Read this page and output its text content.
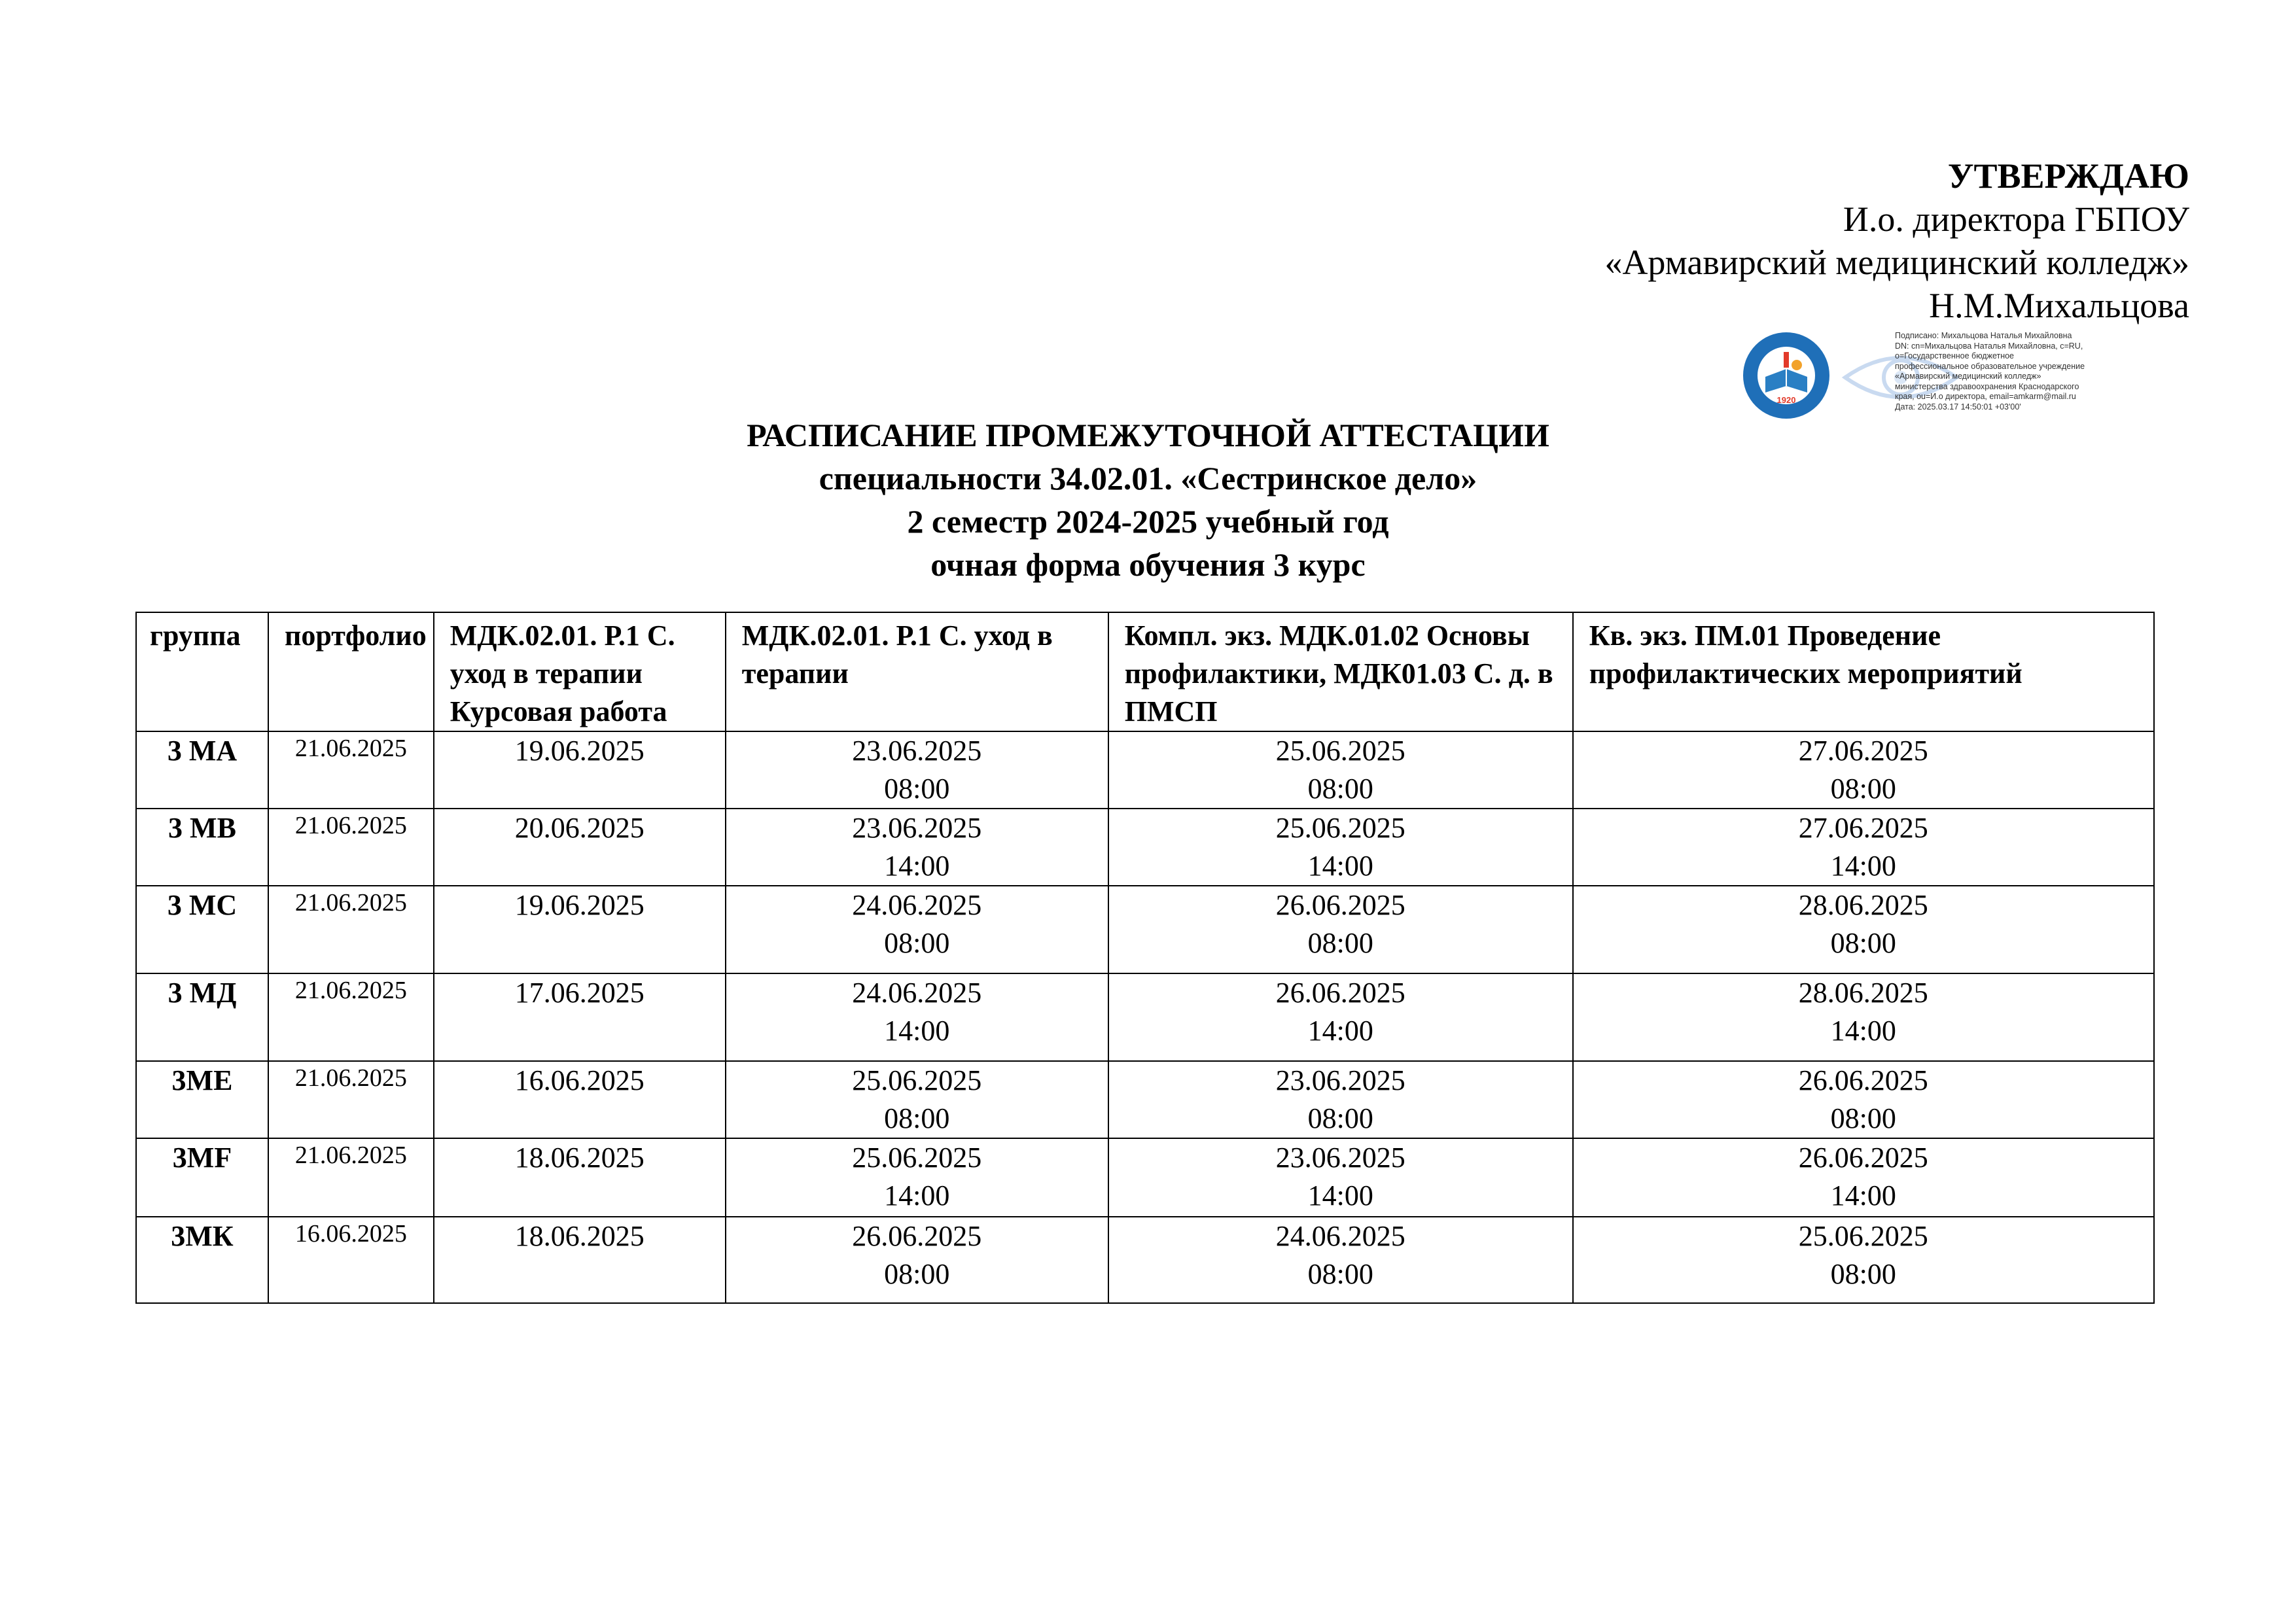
УТВЕРЖДАЮ
И.о. директора ГБПОУ
«Армавирский медицинский колледж»
Н.М.Михальцова
1920
Подписано: Михальцова Наталья Михайловна
DN: cn=Михальцова Наталья Михайловна, c=RU,
o=Государственное бюджетное
профессиональное образовательное учреждение
«Армавирский медицинский колледж»
министерства здравоохранения Краснодарского
края, ou=И.о директора, email=amkarm@mail.ru
Дата: 2025.03.17 14:50:01 +03'00'
РАСПИСАНИЕ ПРОМЕЖУТОЧНОЙ АТТЕСТАЦИИ
специальности 34.02.01. «Сестринское дело»
2 семестр 2024-2025 учебный год
очная форма обучения 3 курс
группа	портфолио	МДК.02.01. Р.1 С. уход в терапии Курсовая работа	МДК.02.01. Р.1 С. уход в терапии	Компл. экз. МДК.01.02 Основы профилактики, МДК01.03 С. д. в ПМСП	Кв. экз. ПМ.01 Проведение профилактических мероприятий
3 МА	21.06.2025	19.06.2025	23.06.2025
08:00	25.06.2025
08:00	27.06.2025
08:00

3 МВ	21.06.2025	20.06.2025	23.06.2025
14:00	25.06.2025
14:00	27.06.2025
14:00

3 МС	21.06.2025	19.06.2025	24.06.2025
08:00	26.06.2025
08:00	28.06.2025
08:00

3 МД	21.06.2025	17.06.2025	24.06.2025
14:00	26.06.2025
14:00	28.06.2025
14:00

3МЕ	21.06.2025	16.06.2025	25.06.2025
08:00	23.06.2025
08:00	26.06.2025
08:00

3MF	21.06.2025	18.06.2025	25.06.2025
14:00	23.06.2025
14:00	26.06.2025
14:00

3МК	16.06.2025	18.06.2025	26.06.2025
08:00	24.06.2025
08:00	25.06.2025
08:00
